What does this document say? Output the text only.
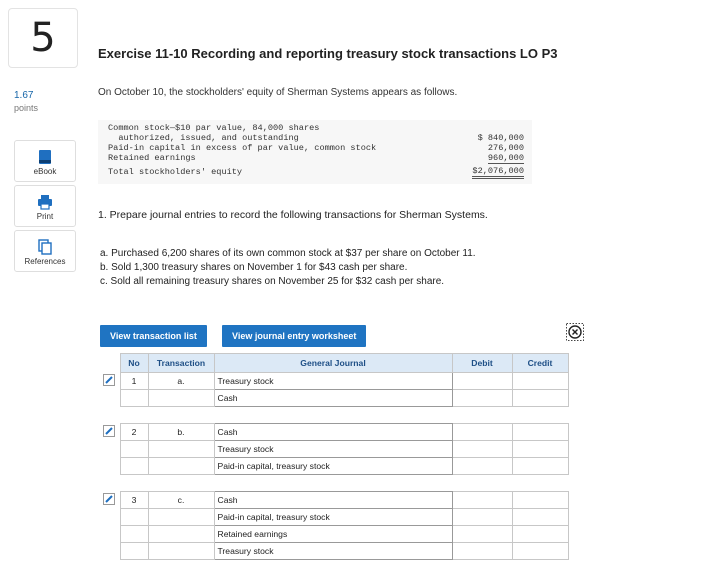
5
1.67
points
eBook
Print
References
Exercise 11-10 Recording and reporting treasury stock transactions LO P3
On October 10, the stockholders' equity of Sherman Systems appears as follows.
Common stock—$10 par value, 84,000 shares
authorized, issued, and outstanding	$ 840,000
Paid-in capital in excess of par value, common stock	276,000
Retained earnings	960,000
Total stockholders' equity	$2,076,000
1. Prepare journal entries to record the following transactions for Sherman Systems.
a. Purchased 6,200 shares of its own common stock at $37 per share on October 11.
b. Sold 1,300 treasury shares on November 1 for $43 cash per share.
c. Sold all remaining treasury shares on November 25 for $32 cash per share.
View transaction list	View journal entry worksheet
	No	Transaction	General Journal	Debit	Credit
	1	a.	Treasury stock		
			Cash		

	2	b.	Cash		
			Treasury stock		
			Paid-in capital, treasury stock		

	3	c.	Cash		
			Paid-in capital, treasury stock		
			Retained earnings		
			Treasury stock		
